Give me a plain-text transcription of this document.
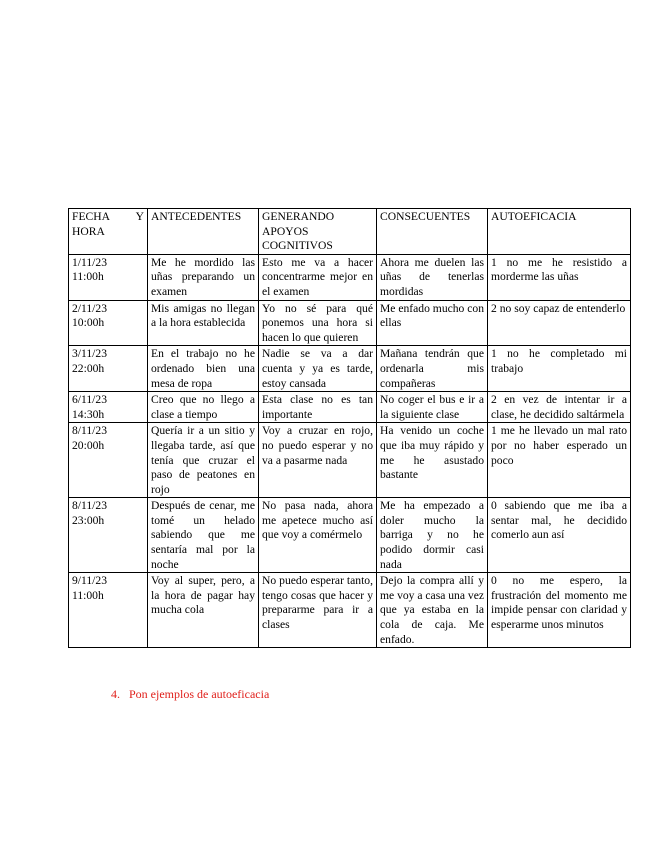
FECHA Y HORA	ANTECEDENTES	GENERANDO APOYOS COGNITIVOS	CONSECUENTES	AUTOEFICACIA

1/11/23
11:00h	Me he mordido las uñas preparando un examen	Esto me va a hacer concentrarme mejor en el examen	Ahora me duelen las uñas de tenerlas mordidas	1 no me he resistido a morderme las uñas

2/11/23
10:00h	Mis amigas no llegan a la hora establecida	Yo no sé para qué ponemos una hora si hacen lo que quieren	Me enfado mucho con ellas	2 no soy capaz de entenderlo

3/11/23
22:00h	En el trabajo no he ordenado bien una mesa de ropa	Nadie se va a dar cuenta y ya es tarde, estoy cansada	Mañana tendrán que ordenarla mis compañeras	1 no he completado mi trabajo

6/11/23
14:30h	Creo que no llego a clase a tiempo	Esta clase no es tan importante	No coger el bus e ir a la siguiente clase	2 en vez de intentar ir a clase, he decidido saltármela

8/11/23
20:00h	Quería ir a un sitio y llegaba tarde, así que tenía que cruzar el paso de peatones en rojo	Voy a cruzar en rojo, no puedo esperar y no va a pasarme nada	Ha venido un coche que iba muy rápido y me he asustado bastante	1 me he llevado un mal rato por no haber esperado un poco

8/11/23
23:00h	Después de cenar, me tomé un helado sabiendo que me sentaría mal por la noche	No pasa nada, ahora me apetece mucho así que voy a comérmelo	Me ha empezado a doler mucho la barriga y no he podido dormir casi nada	0 sabiendo que me iba a sentar mal, he decidido comerlo aun así

9/11/23
11:00h	Voy al super, pero, a la hora de pagar hay mucha cola	No puedo esperar tanto, tengo cosas que hacer y prepararme para ir a clases	Dejo la compra allí y me voy a casa una vez que ya estaba en la cola de caja. Me enfado.	0 no me espero, la frustración del momento me impide pensar con claridad y esperarme unos minutos
4. Pon ejemplos de autoeficacia
